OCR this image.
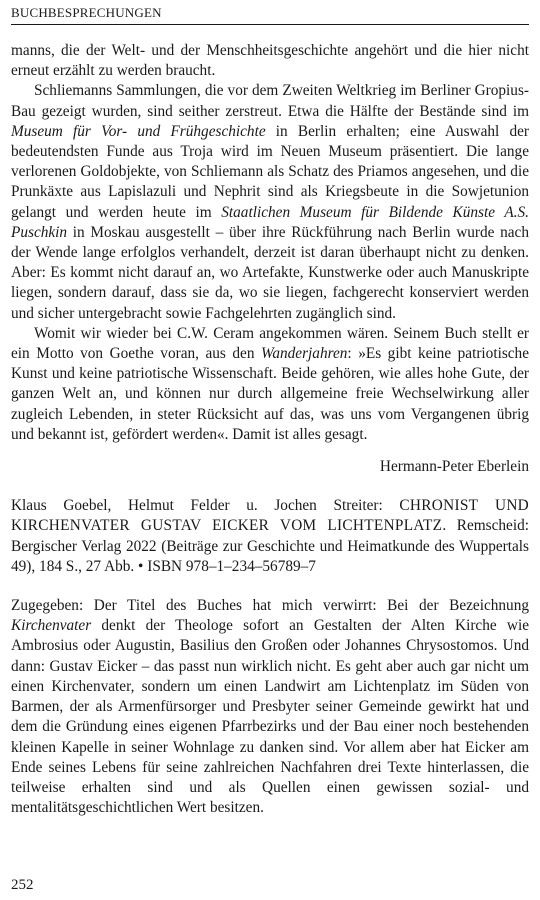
BUCHBESPRECHUNGEN

manns, die der Welt- und der Menschheitsgeschichte angehört und die hier nicht erneut erzählt zu werden braucht.

Schliemanns Sammlungen, die vor dem Zweiten Weltkrieg im Berliner Gropius-Bau gezeigt wurden, sind seither zerstreut. Etwa die Hälfte der Bestände sind im Museum für Vor- und Frühgeschichte in Berlin erhalten; eine Auswahl der bedeutendsten Funde aus Troja wird im Neuen Museum präsentiert. Die lange verlorenen Goldobjekte, von Schliemann als Schatz des Priamos angesehen, und die Prunkäxte aus Lapislazuli und Nephrit sind als Kriegsbeute in die Sowjetunion gelangt und werden heute im Staatlichen Museum für Bildende Künste A.S. Puschkin in Moskau ausgestellt – über ihre Rückführung nach Berlin wurde nach der Wende lange erfolglos verhandelt, derzeit ist daran überhaupt nicht zu denken. Aber: Es kommt nicht darauf an, wo Artefakte, Kunstwerke oder auch Manuskripte liegen, sondern darauf, dass sie da, wo sie liegen, fachgerecht konserviert werden und sicher untergebracht sowie Fachgelehrten zugänglich sind.

Womit wir wieder bei C.W. Ceram angekommen wären. Seinem Buch stellt er ein Motto von Goethe voran, aus den Wanderjahren: »Es gibt keine patriotische Kunst und keine patriotische Wissenschaft. Beide gehören, wie alles hohe Gute, der ganzen Welt an, und können nur durch allgemeine freie Wechselwirkung aller zugleich Lebenden, in steter Rücksicht auf das, was uns vom Vergangenen übrig und bekannt ist, gefördert werden«. Damit ist alles gesagt.

Hermann-Peter Eberlein

Klaus Goebel, Helmut Felder u. Jochen Streiter: CHRONIST UND KIRCHENVATER GUSTAV EICKER VOM LICHTENPLATZ. Remscheid: Bergischer Verlag 2022 (Beiträge zur Geschichte und Heimatkunde des Wuppertals 49), 184 S., 27 Abb. • ISBN 978–1–234–56789–7

Zugegeben: Der Titel des Buches hat mich verwirrt: Bei der Bezeichnung Kirchenvater denkt der Theologe sofort an Gestalten der Alten Kirche wie Ambrosius oder Augustin, Basilius den Großen oder Johannes Chrysostomos. Und dann: Gustav Eicker – das passt nun wirklich nicht. Es geht aber auch gar nicht um einen Kirchenvater, sondern um einen Landwirt am Lichtenplatz im Süden von Barmen, der als Armenfürsorger und Presbyter seiner Gemeinde gewirkt hat und dem die Gründung eines eigenen Pfarrbezirks und der Bau einer noch bestehenden kleinen Kapelle in seiner Wohnlage zu danken sind. Vor allem aber hat Eicker am Ende seines Lebens für seine zahlreichen Nachfahren drei Texte hinterlassen, die teilweise erhalten sind und als Quellen einen gewissen sozial- und mentalitätsgeschichtlichen Wert besitzen.

252
